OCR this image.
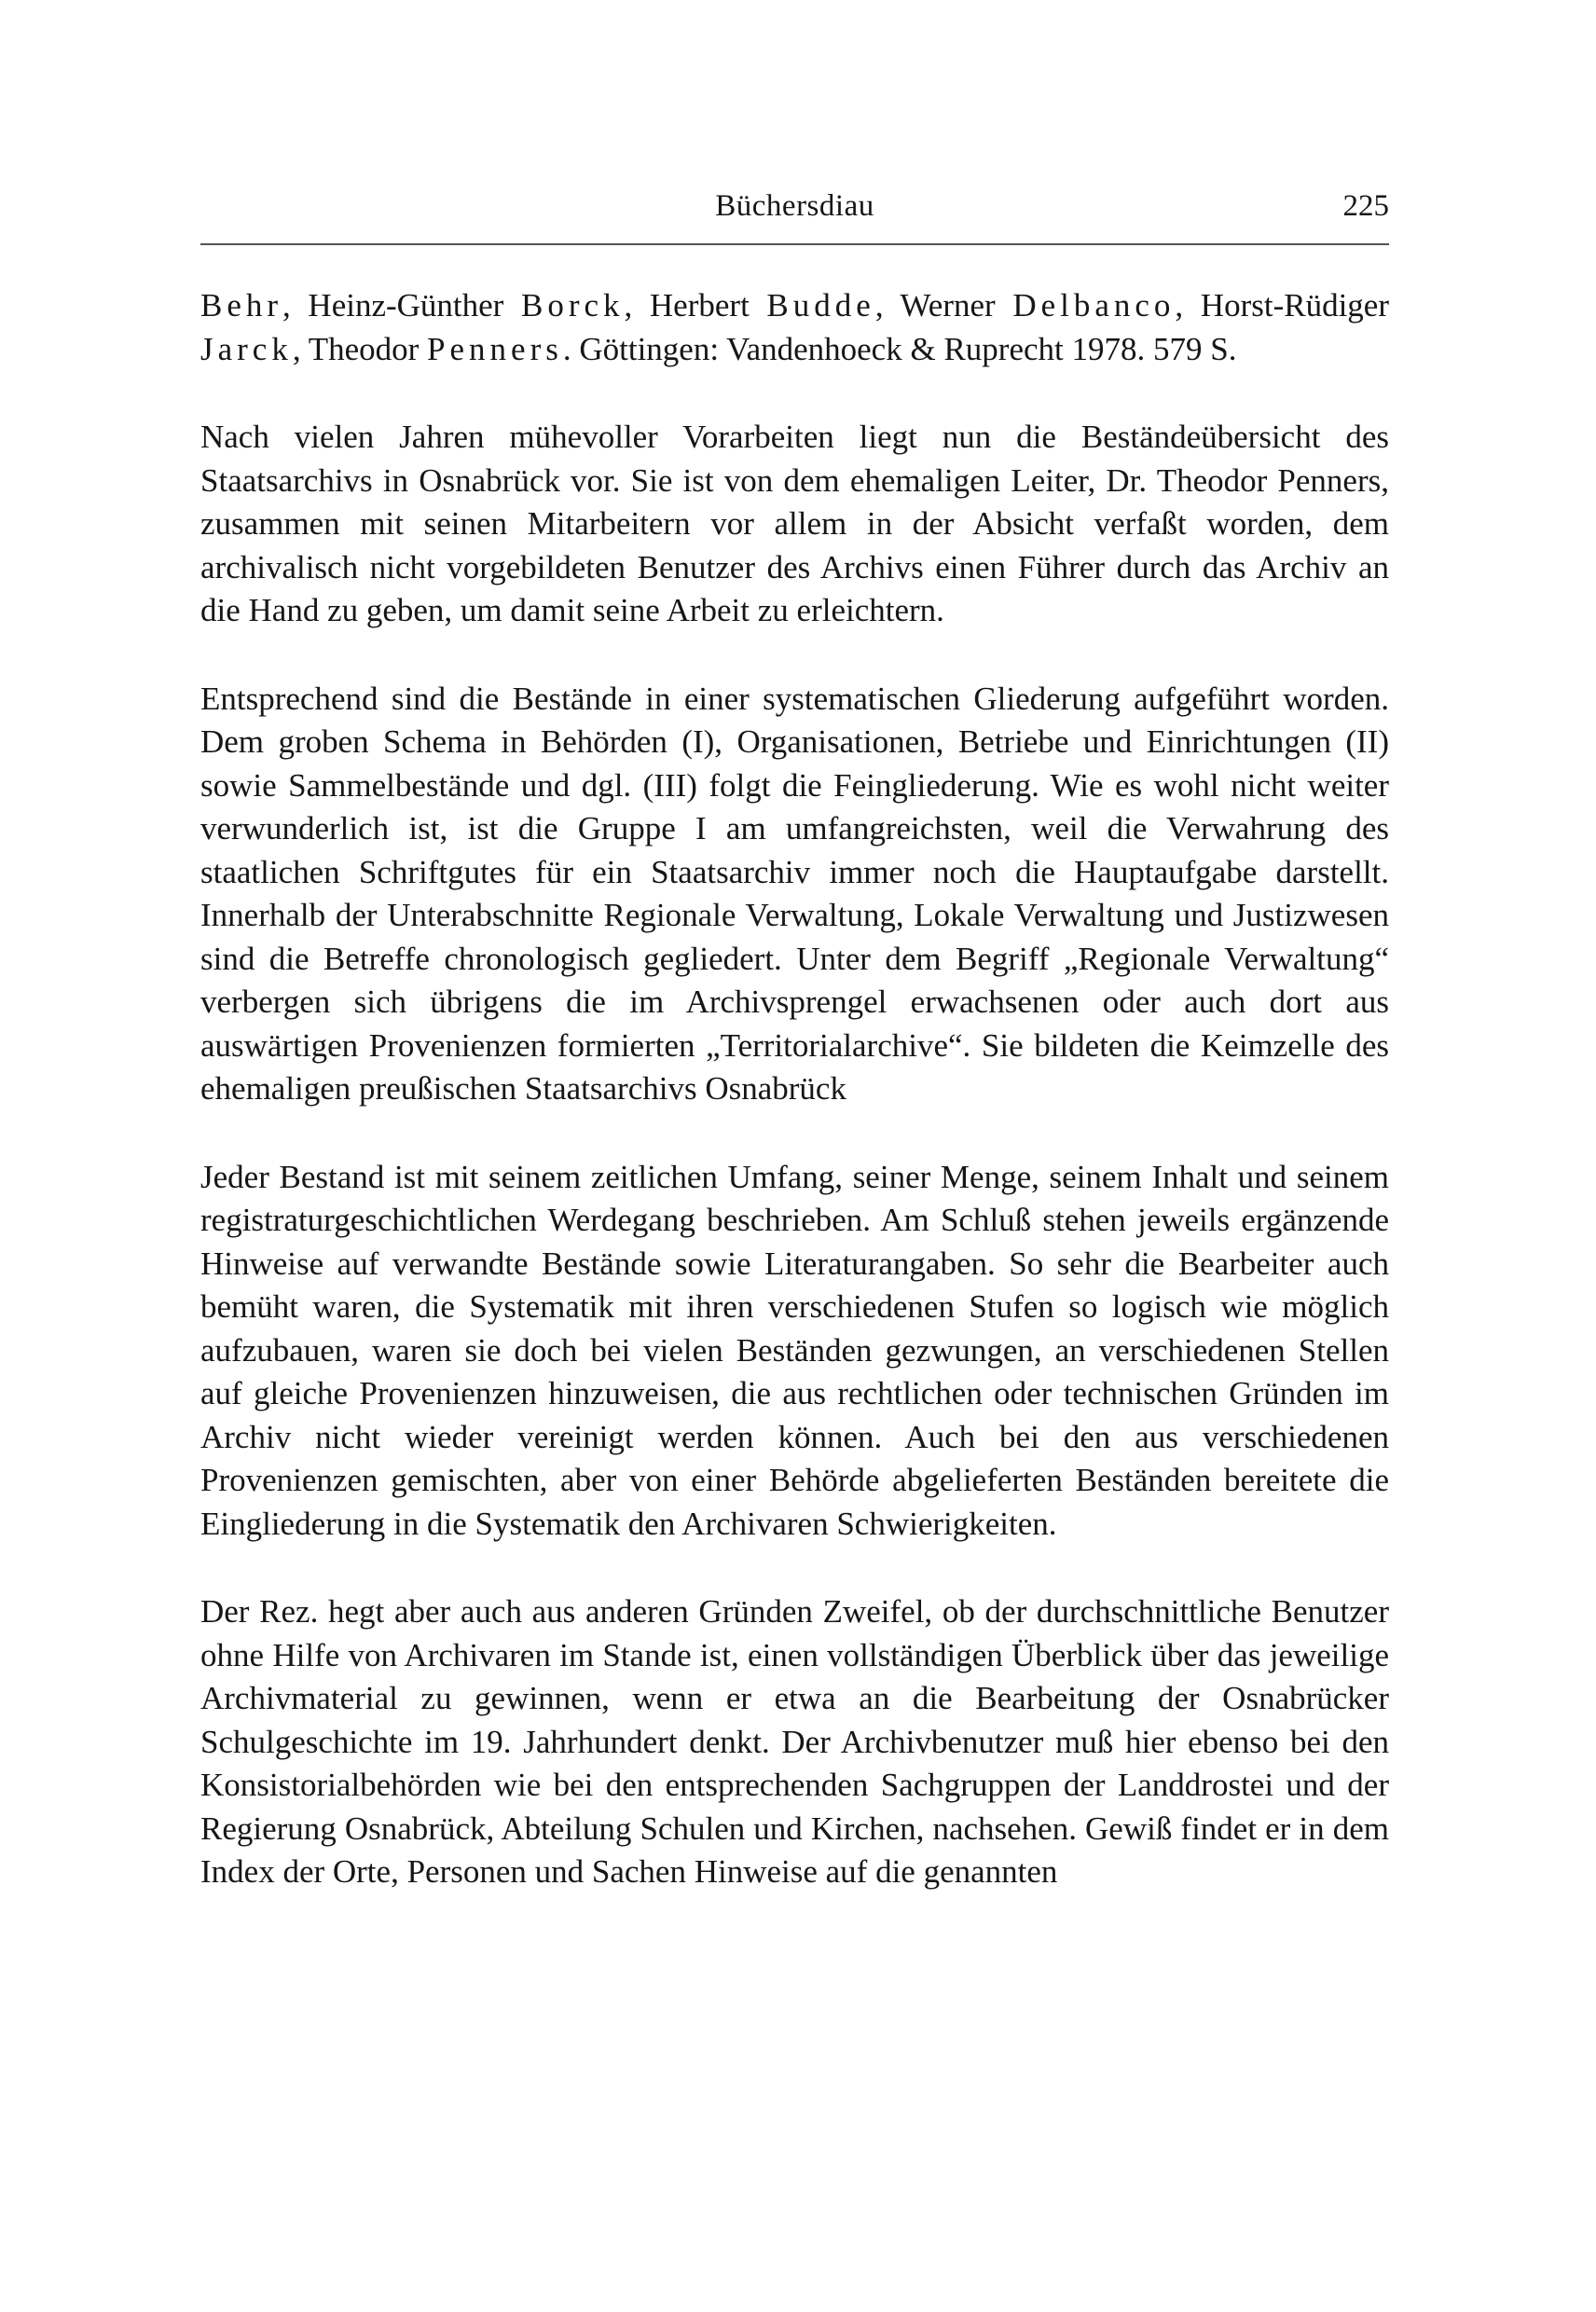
Büchersdiau	225

Behr, Heinz-Günther Borck, Herbert Budde, Werner Delbanco, Horst-Rüdiger Jarck, Theodor Penners. Göttingen: Vandenhoeck & Ruprecht 1978. 579 S.

Nach vielen Jahren mühevoller Vorarbeiten liegt nun die Beständeübersicht des Staatsarchivs in Osnabrück vor. Sie ist von dem ehemaligen Leiter, Dr. Theodor Penners, zusammen mit seinen Mitarbeitern vor allem in der Absicht verfaßt worden, dem archivalisch nicht vorgebildeten Benutzer des Archivs einen Führer durch das Archiv an die Hand zu geben, um damit seine Arbeit zu erleichtern.

Entsprechend sind die Bestände in einer systematischen Gliederung aufgeführt worden. Dem groben Schema in Behörden (I), Organisationen, Betriebe und Einrichtungen (II) sowie Sammelbestände und dgl. (III) folgt die Feingliederung. Wie es wohl nicht weiter verwunderlich ist, ist die Gruppe I am umfangreichsten, weil die Verwahrung des staatlichen Schriftgutes für ein Staatsarchiv immer noch die Hauptaufgabe darstellt. Innerhalb der Unterabschnitte Regionale Verwaltung, Lokale Verwaltung und Justizwesen sind die Betreffe chronologisch gegliedert. Unter dem Begriff „Regionale Verwaltung“ verbergen sich übrigens die im Archivsprengel erwachsenen oder auch dort aus auswärtigen Provenienzen formierten „Territorialarchive“. Sie bildeten die Keimzelle des ehemaligen preußischen Staatsarchivs Osnabrück

Jeder Bestand ist mit seinem zeitlichen Umfang, seiner Menge, seinem Inhalt und seinem registraturgeschichtlichen Werdegang beschrieben. Am Schluß stehen jeweils ergänzende Hinweise auf verwandte Bestände sowie Literaturangaben. So sehr die Bearbeiter auch bemüht waren, die Systematik mit ihren verschiedenen Stufen so logisch wie möglich aufzubauen, waren sie doch bei vielen Beständen gezwungen, an verschiedenen Stellen auf gleiche Provenienzen hinzuweisen, die aus rechtlichen oder technischen Gründen im Archiv nicht wieder vereinigt werden können. Auch bei den aus verschiedenen Provenienzen gemischten, aber von einer Behörde abgelieferten Beständen bereitete die Eingliederung in die Systematik den Archivaren Schwierigkeiten.

Der Rez. hegt aber auch aus anderen Gründen Zweifel, ob der durchschnittliche Benutzer ohne Hilfe von Archivaren im Stande ist, einen vollständigen Überblick über das jeweilige Archivmaterial zu gewinnen, wenn er etwa an die Bearbeitung der Osnabrücker Schulgeschichte im 19. Jahrhundert denkt. Der Archivbenutzer muß hier ebenso bei den Konsistorialbehörden wie bei den entsprechenden Sachgruppen der Landdrostei und der Regierung Osnabrück, Abteilung Schulen und Kirchen, nachsehen. Gewiß findet er in dem Index der Orte, Personen und Sachen Hinweise auf die genannten
